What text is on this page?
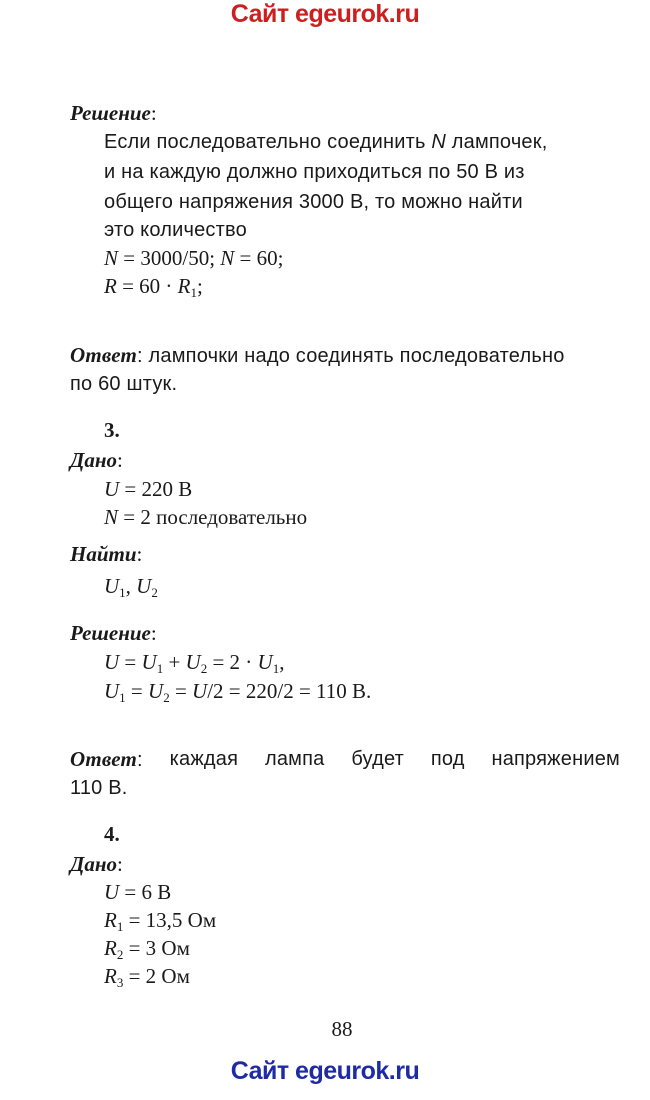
Сайт egeurok.ru
Решение:
Если последовательно соединить N лампочек,
и на каждую должно приходиться по 50 В из
общего напряжения 3000 В, то можно найти
это количество
N = 3000/50; N = 60;
$R = 60 \cdot R_1$;
Ответ: лампочки надо соединять последовательно
по 60 штук.
3.
Дано:
U = 220 В
N = 2 последовательно
Найти:
$U_1$, $U_2$
Решение:
$U = U_1 + U_2 = 2 \cdot U_1$,
$U_1 = U_2 = U/2 = 220/2 = 110$ В.
Ответ: каждая лампа будет под напряжением
110 В.
4.
Дано:
U = 6 В
$R_1 = 13,5$ Ом
$R_2 = 3$ Ом
$R_3 = 2$ Ом
88
Сайт egeurok.ru
